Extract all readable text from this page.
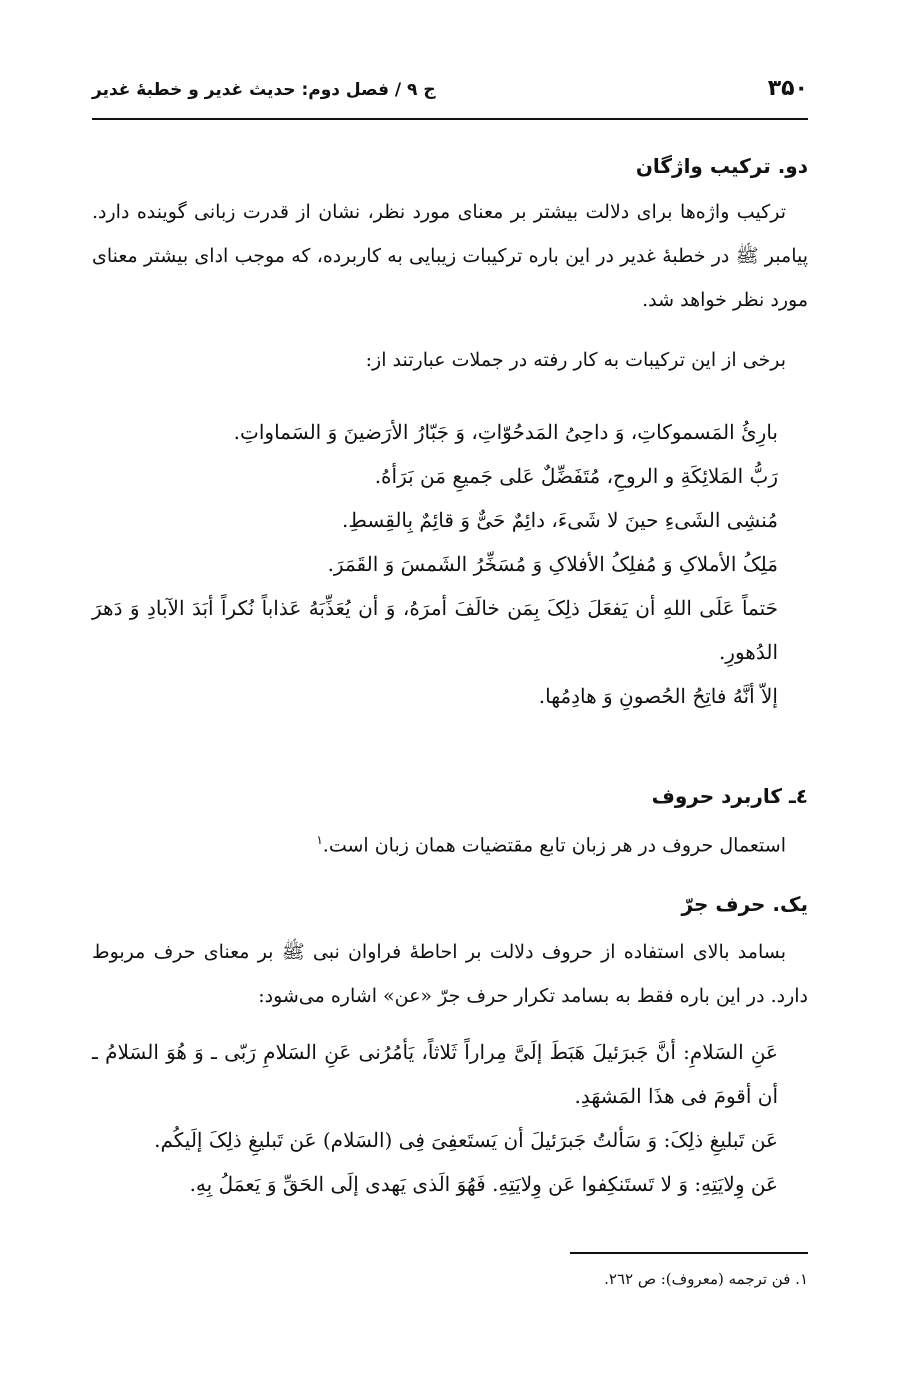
۳۵۰
ج ۹ / فصل دوم: حدیث غدیر و خطبۀ غدیر
دو. ترکیب واژگان

ترکیب واژه‌ها برای دلالت بیشتر بر معنای مورد نظر، نشان از قدرت زبانی گوینده دارد. پیامبر ﷺ در خطبۀ غدیر در این باره ترکیبات زیبایی به کاربرده، که موجب ادای بیشتر معنای مورد نظر خواهد شد.

برخی از این ترکیبات به کار رفته در جملات عبارتند از:

بارِئُ المَسموکاتِ، وَ داحِیُ المَدحُوّاتِ، وَ جَبّارُ الأرَضینَ وَ السَماواتِ.

رَبُّ المَلائِکَةِ و الروحِ، مُتَفَضِّلٌ عَلی جَمیعِ مَن بَرَأهُ.

مُنشِی الشَیءِ حینَ لا شَیءَ، دائِمٌ حَیٌّ وَ قائِمٌ بِالقِسطِ.

مَلِکُ الأملاکِ وَ مُفلِکُ الأفلاکِ وَ مُسَخِّرُ الشَمسَ وَ القَمَرَ.

حَتماً عَلَی اللهِ أن یَفعَلَ ذلِکَ بِمَن خالَفَ أمرَهُ، وَ أن یُعَذِّبَهُ عَذاباً نُکراً أبَدَ الآبادِ وَ دَهرَ الدُهورِ.

إلاّ أنَّهُ فاتِحُ الحُصونِ وَ هادِمُها.

٤ـ کاربرد حروف

استعمال حروف در هر زبان تابع مقتضیات همان زبان است.$^١$

یک. حرف جرّ

بسامد بالای استفاده از حروف دلالت بر احاطۀ فراوان نبی ﷺ بر معنای حرف مربوط دارد. در این باره فقط به بسامد تکرار حرف جرّ «عن» اشاره می‌شود:

عَنِ السَلامِ: أنَّ جَبرَئیلَ هَبَطَ إلَیَّ مِراراً ثَلاثاً، یَأمُرُنی عَنِ السَلامِ رَبّی ـ وَ هُوَ السَلامُ ـ أن أقومَ فی هذَا المَشهَدِ.

عَن تَبلیغِ ذلِکَ: وَ سَألتُ جَبرَئیلَ أن یَستَعفِیَ فِی (السَلام) عَن تَبلیغِ ذلِکَ إلَیکُم.

عَن وِلایَتِهِ: وَ لا تَستَنکِفوا عَن وِلایَتِهِ. فَهُوَ الَذی یَهدی إلَی الحَقِّ وَ یَعمَلُ بِهِ.

١. فن ترجمه (معروف): ص ٢٦٢.
